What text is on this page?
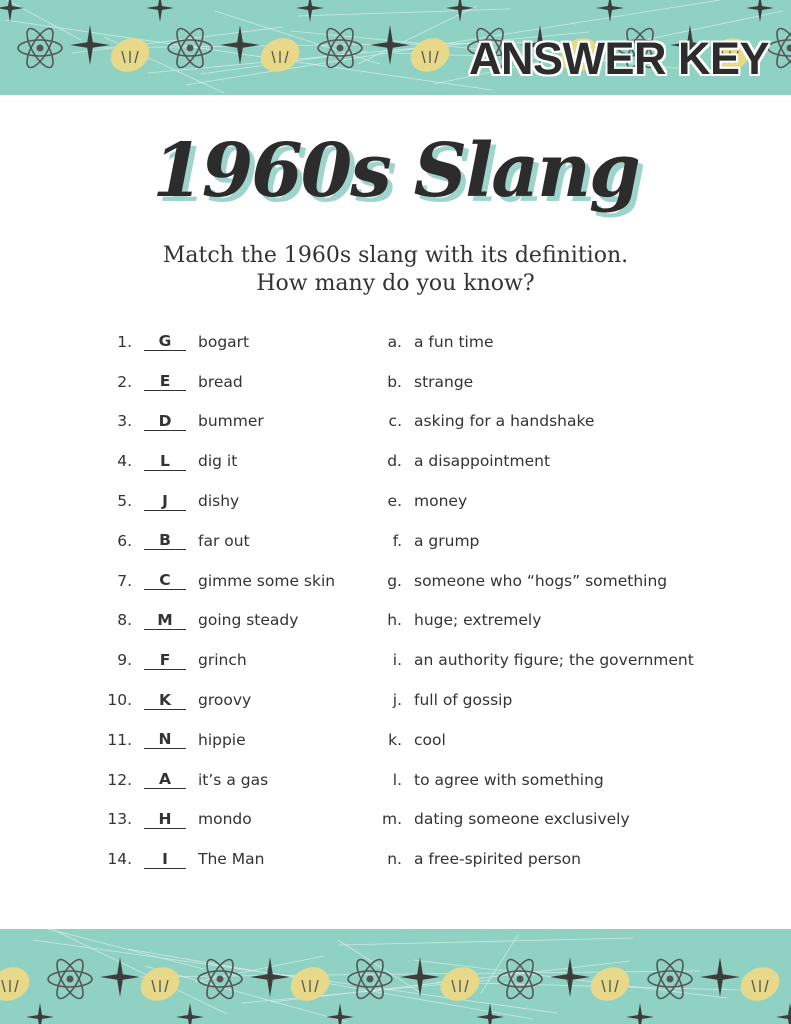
ANSWER KEY
1960s Slang
Match the 1960s slang with its definition.
How many do you know?
1.	G	bogart
2.	E	bread
3.	D	bummer
4.	L	dig it
5.	J	dishy
6.	B	far out
7.	C	gimme some skin
8.	M	going steady
9.	F	grinch
10.	K	groovy
11.	N	hippie
12.	A	it’s a gas
13.	H	mondo
14.	I	The Man
a. a fun time
b. strange
c. asking for a handshake
d. a disappointment
e. money
f. a grump
g. someone who “hogs” something
h. huge; extremely
i. an authority figure; the government
j. full of gossip
k. cool
l. to agree with something
m. dating someone exclusively
n. a free-spirited person
